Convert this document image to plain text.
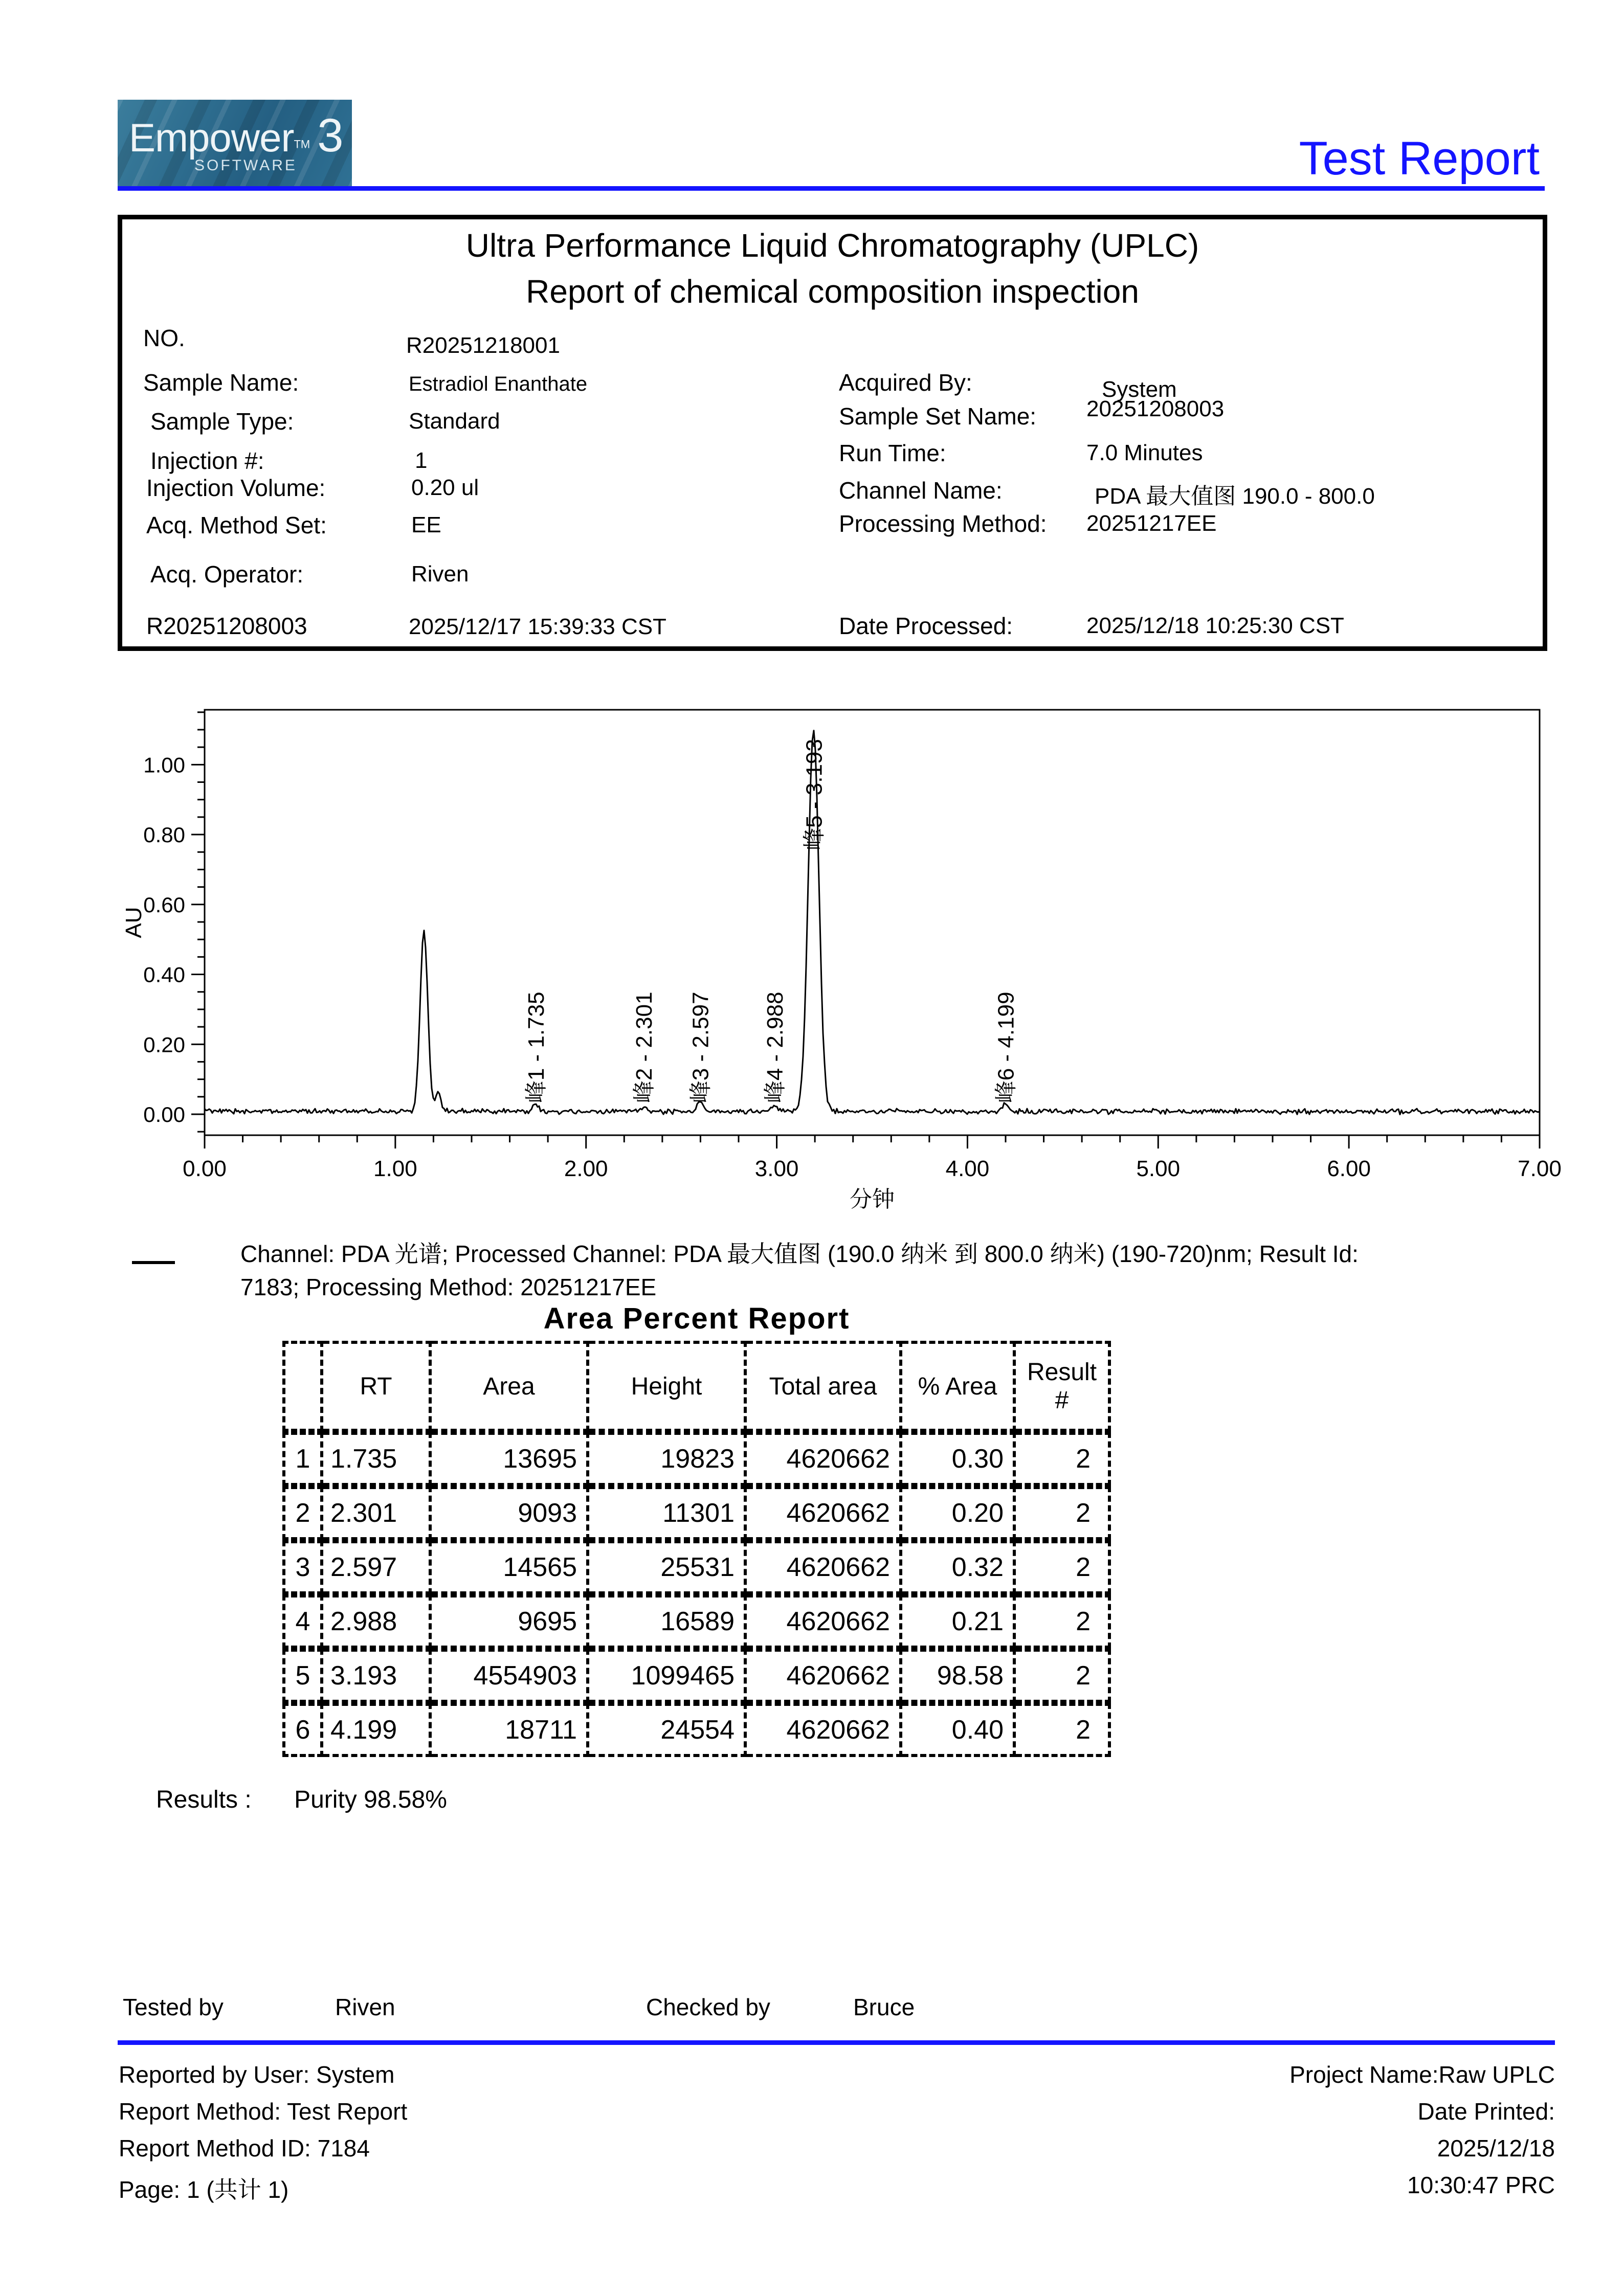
EmpowerTM 3
SOFTWARE	Test Report
Ultra Performance Liquid Chromatography (UPLC)
Report of chemical composition inspection
NO.	R20251218001
Sample Name:	Estradiol Enanthate
Sample Type:	Standard
Injection #:	1
Injection Volume:	0.20 ul
Acq. Method Set:	EE
Acq. Operator:	Riven
R20251208003	2025/12/17 15:39:33 CST
Acquired By:	System
Sample Set Name: 20251208003
Run Time:	7.0 Minutes
Channel Name:	PDA 最大值图 190.0 - 800.0
Processing Method: 20251217EE
Date Processed:	2025/12/18 10:25:30 CST
0.00
0.20
0.40
0.60
0.80
1.00
0.00	1.00	2.00	3.00	4.00	5.00	6.00	7.00
AU
分钟
峰1 - 1.735	峰2 - 2.301 峰3 - 2.597 峰4 - 2.988
峰5 - 3.193
峰6 - 4.199
Channel: PDA 光谱; Processed Channel: PDA 最大值图 (190.0 纳米 到 800.0 纳米) (190-720)nm; Result Id:
7183; Processing Method: 20251217EE
Area Percent Report
	RT	Area	Height	Total area	% Area	Result #
1	1.735	13695	19823	4620662	0.30	2
2	2.301	9093	11301	4620662	0.20	2
3	2.597	14565	25531	4620662	0.32	2
4	2.988	9695	16589	4620662	0.21	2
5	3.193	4554903	1099465	4620662	98.58	2
6	4.199	18711	24554	4620662	0.40	2
Results : Purity 98.58%
Tested by	Riven	Checked by	Bruce
Reported by User: System
Report Method: Test Report
Report Method ID: 7184
Page: 1 (共计 1)
Project Name:Raw UPLC
Date Printed:
2025/12/18
10:30:47 PRC
